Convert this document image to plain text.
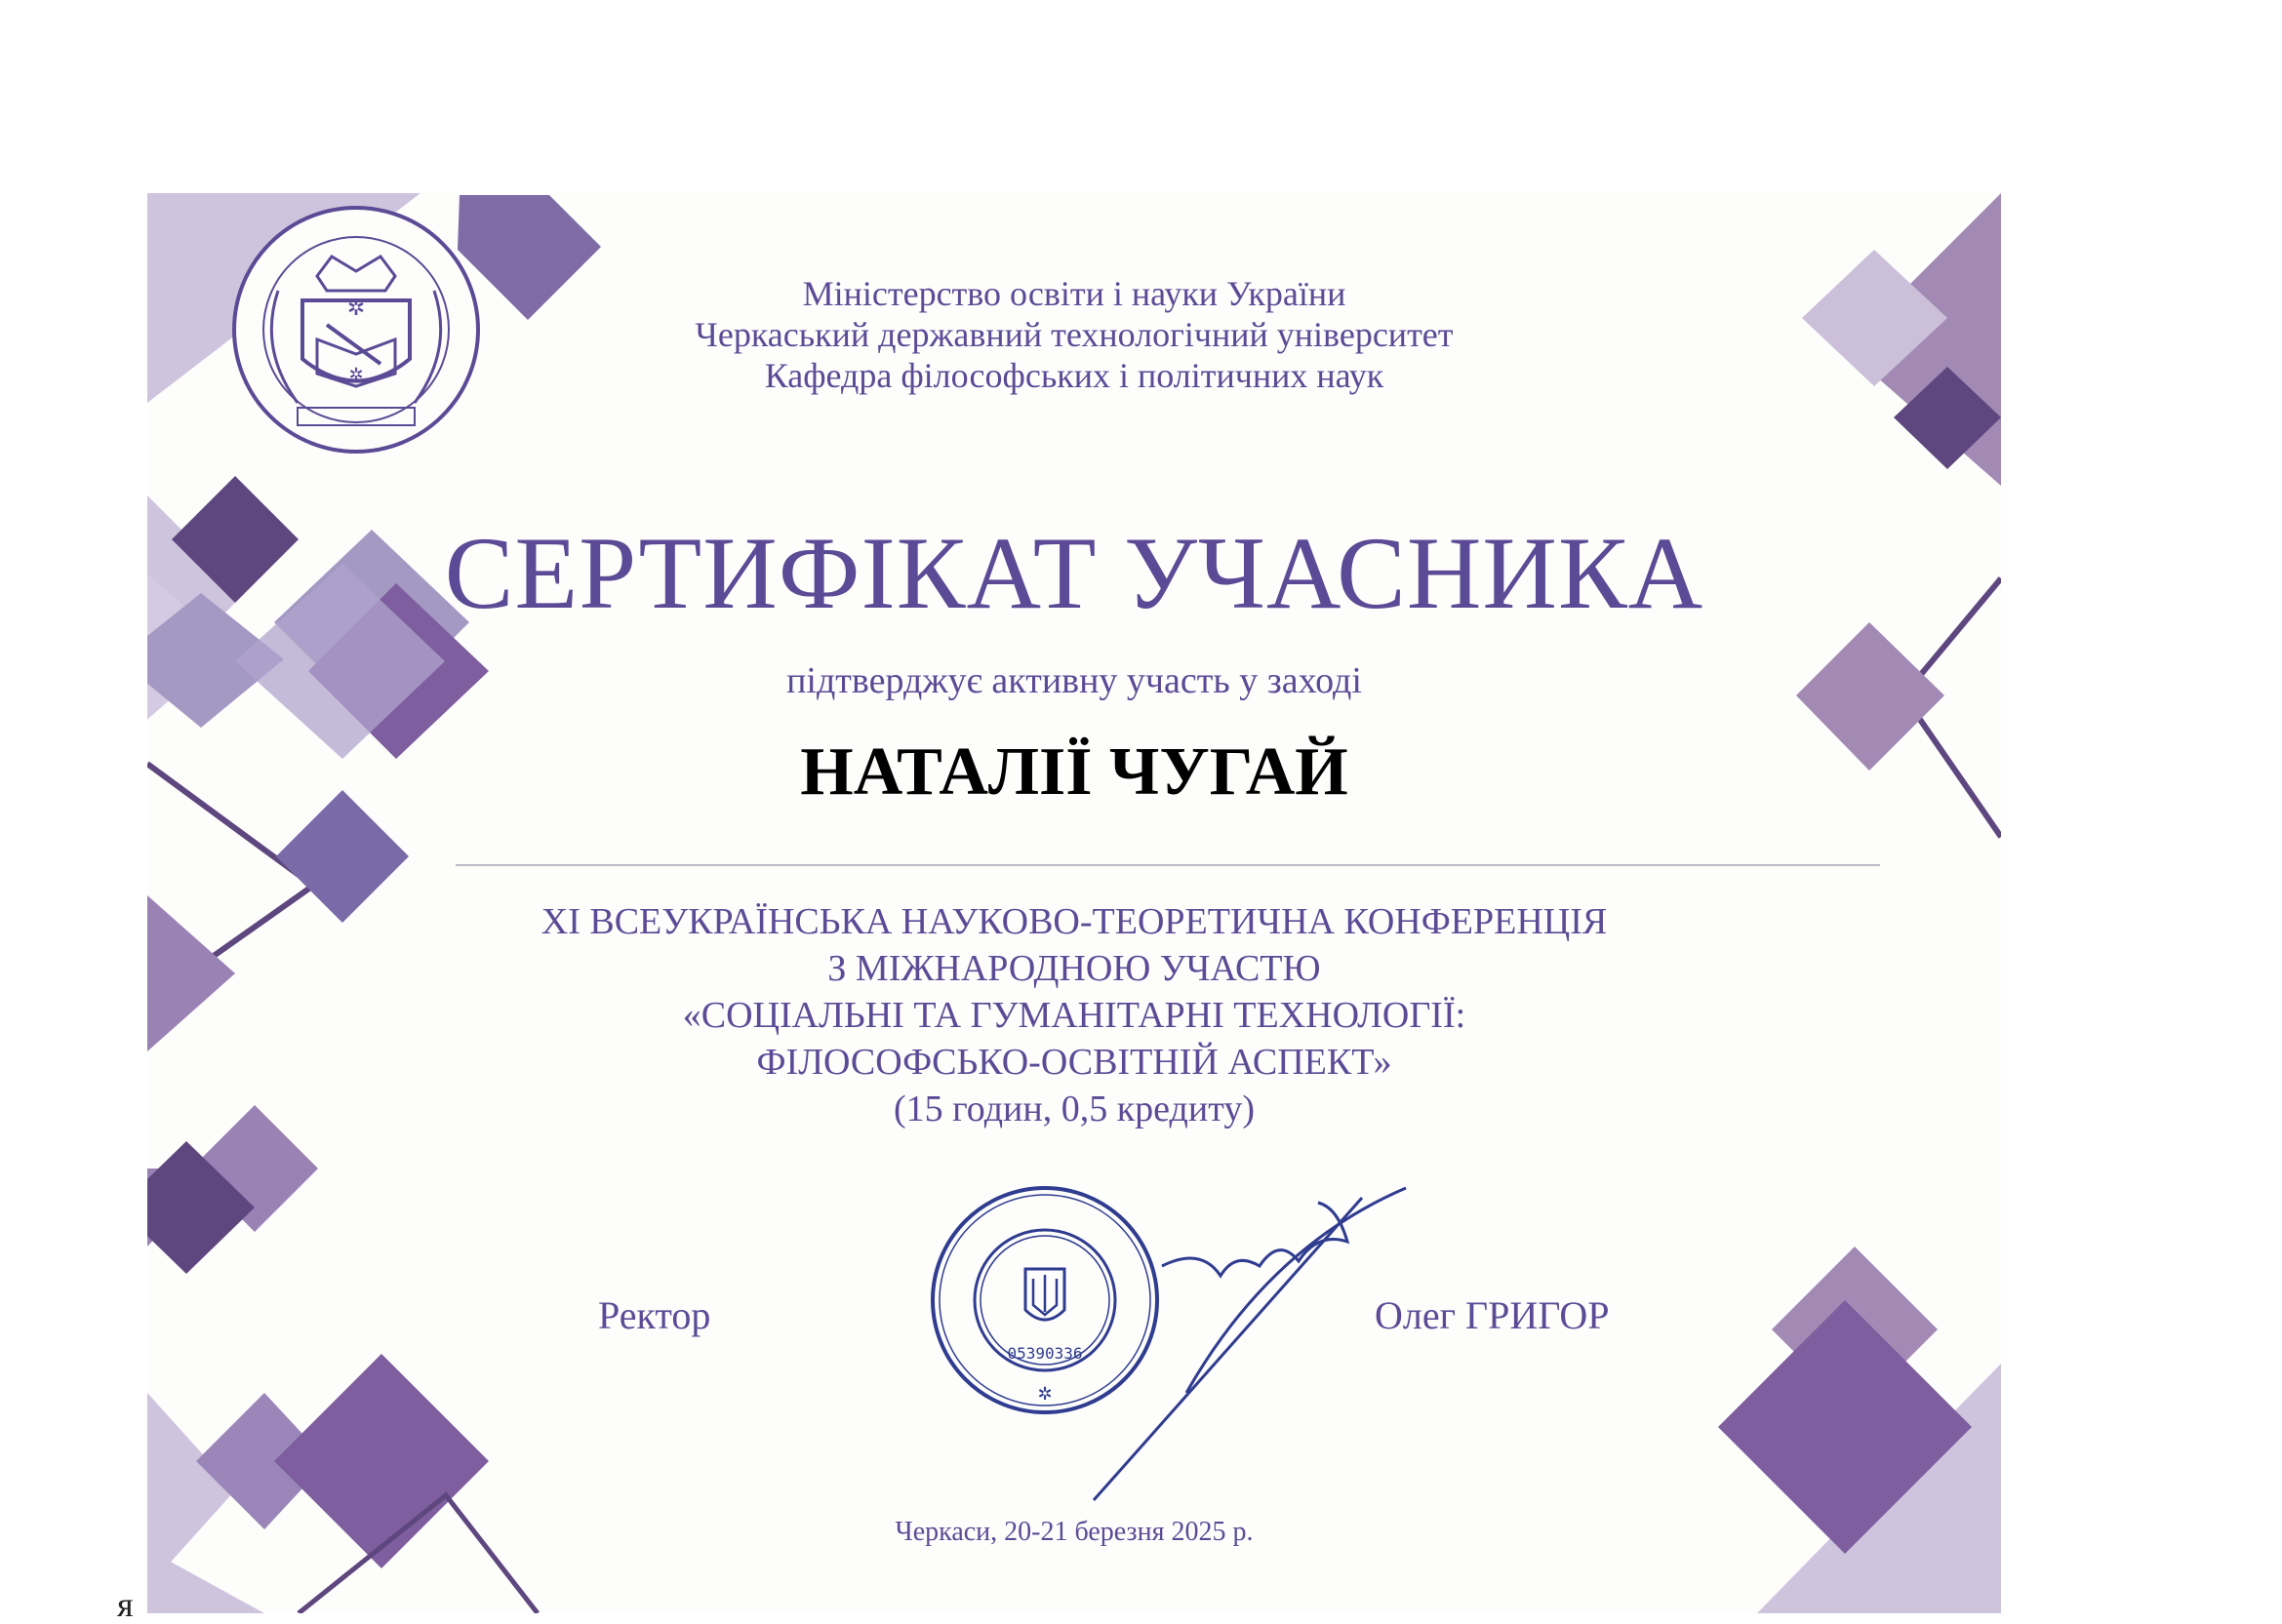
✲
✲
Міністерство освіти і науки України
Черкаський державний технологічний університет
Кафедра філософських і політичних наук
СЕРТИФІКАТ УЧАСНИКА
підтверджує активну участь у заході
НАТАЛІЇ ЧУГАЙ
XI ВСЕУКРАЇНСЬКА НАУКОВО-ТЕОРЕТИЧНА КОНФЕРЕНЦІЯ
З МІЖНАРОДНОЮ УЧАСТЮ
«СОЦІАЛЬНІ ТА ГУМАНІТАРНІ ТЕХНОЛОГІЇ:
ФІЛОСОФСЬКО-ОСВІТНІЙ АСПЕКТ»
(15 годин, 0,5 кредиту)
Ректор	Олег ГРИГОР
05390336
✲
Черкаси, 20-21 березня 2025 р.
я
